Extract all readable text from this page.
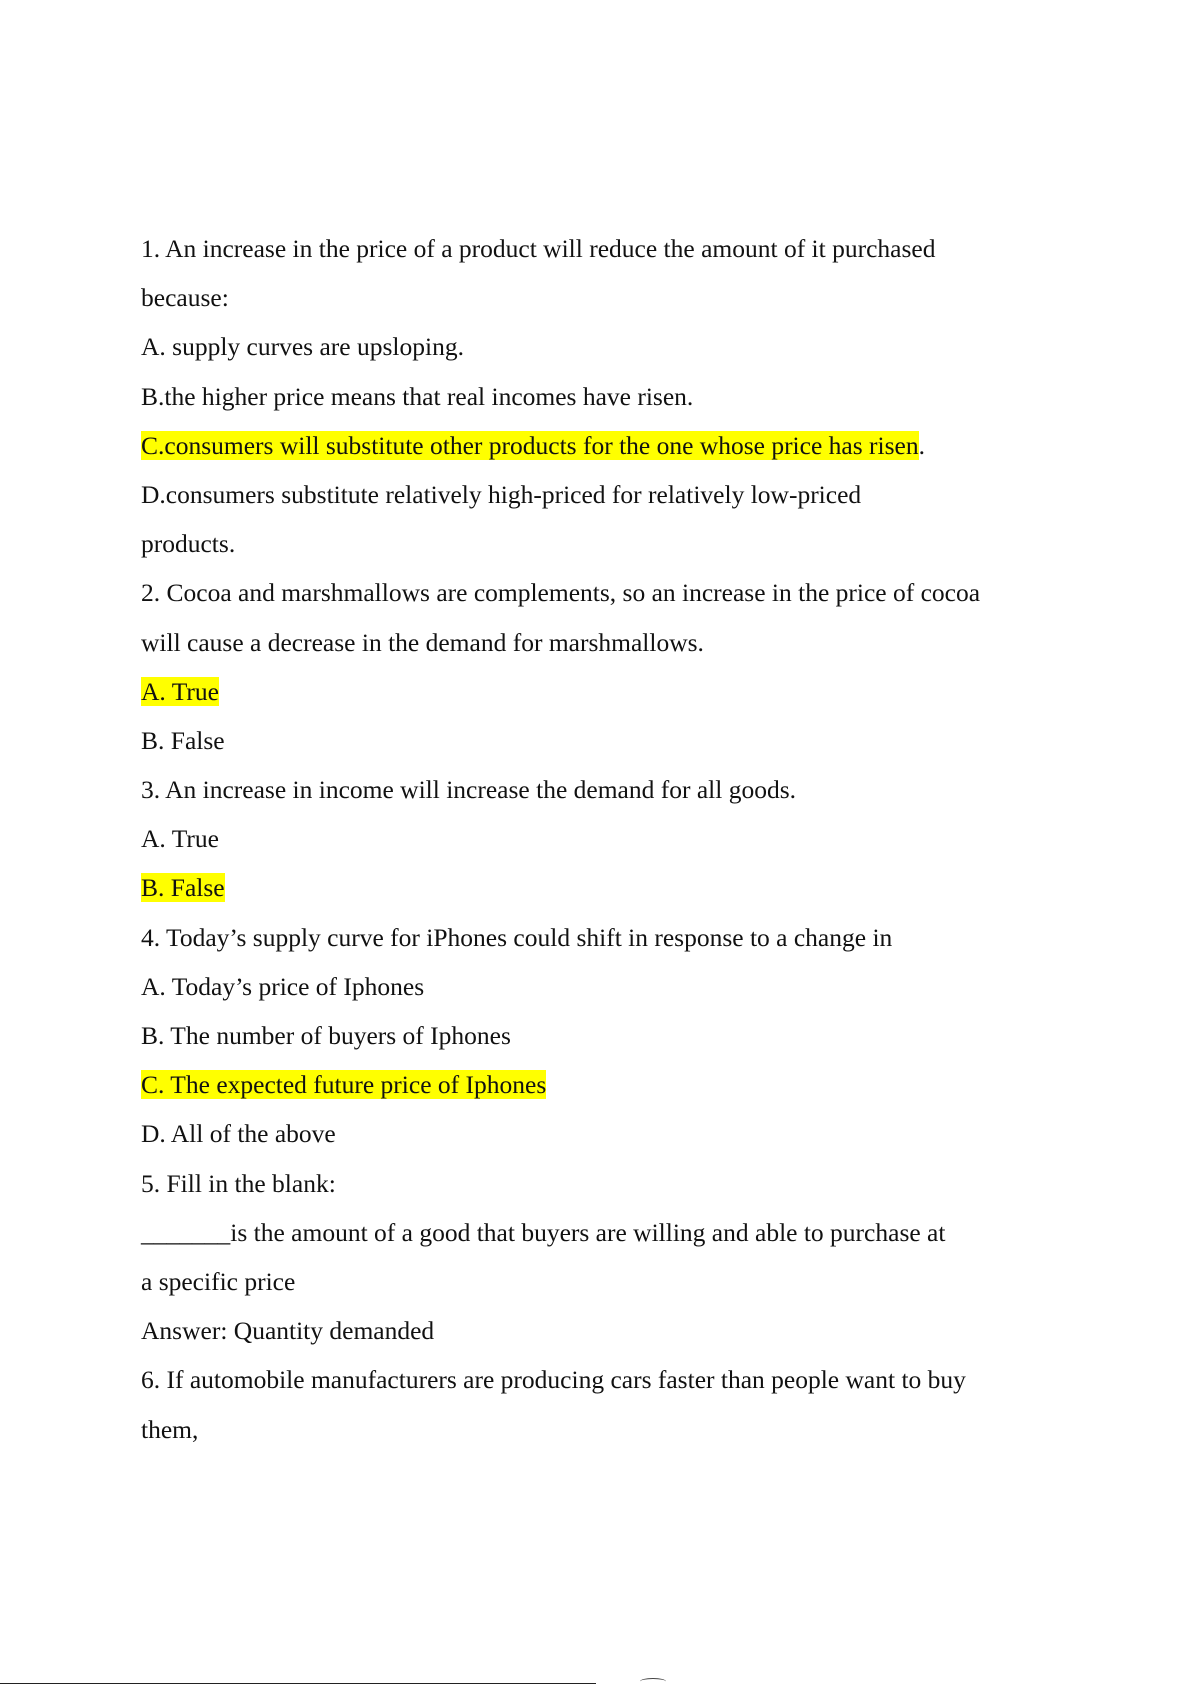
1. An increase in the price of a product will reduce the amount of it purchased
because:
A. supply curves are upsloping.
B.the higher price means that real incomes have risen.
C.consumers will substitute other products for the one whose price has risen.
D.consumers substitute relatively high-priced for relatively low-priced
products.
2. Cocoa and marshmallows are complements, so an increase in the price of cocoa
will cause a decrease in the demand for marshmallows.
A. True
B. False
3. An increase in income will increase the demand for all goods.
A. True
B. False
4. Today’s supply curve for iPhones could shift in response to a change in
A. Today’s price of Iphones
B. The number of buyers of Iphones
C. The expected future price of Iphones
D. All of the above
5. Fill in the blank:
_______is the amount of a good that buyers are willing and able to purchase at
a specific price
Answer: Quantity demanded
6. If automobile manufacturers are producing cars faster than people want to buy
them,
